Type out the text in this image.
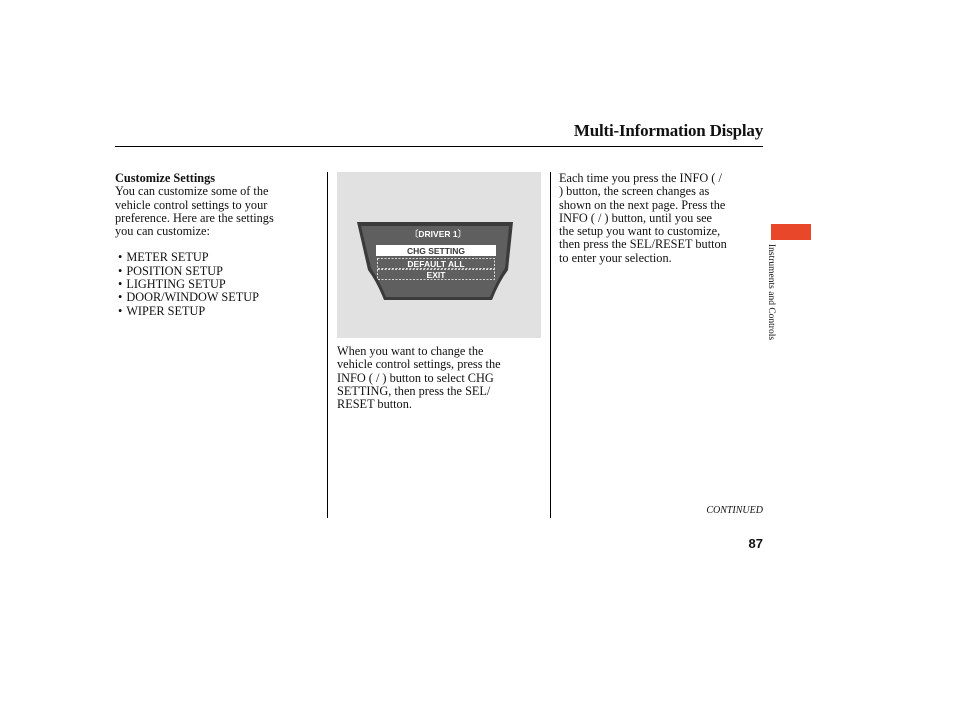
Multi-Information Display
Customize Settings
You can customize some of the
vehicle control settings to your
preference. Here are the settings
you can customize:
• METER SETUP
• POSITION SETUP
• LIGHTING SETUP
• DOOR/WINDOW SETUP
• WIPER SETUP
〔DRIVER 1〕
CHG SETTING
DEFAULT ALL
EXIT
When you want to change the
vehicle control settings, press the
INFO ( / ) button to select CHG
SETTING, then press the SEL/
RESET button.
Each time you press the INFO ( /
) button, the screen changes as
shown on the next page. Press the
INFO ( / ) button, until you see
the setup you want to customize,
then press the SEL/RESET button
to enter your selection.	Instruments and Controls
CONTINUED
87
